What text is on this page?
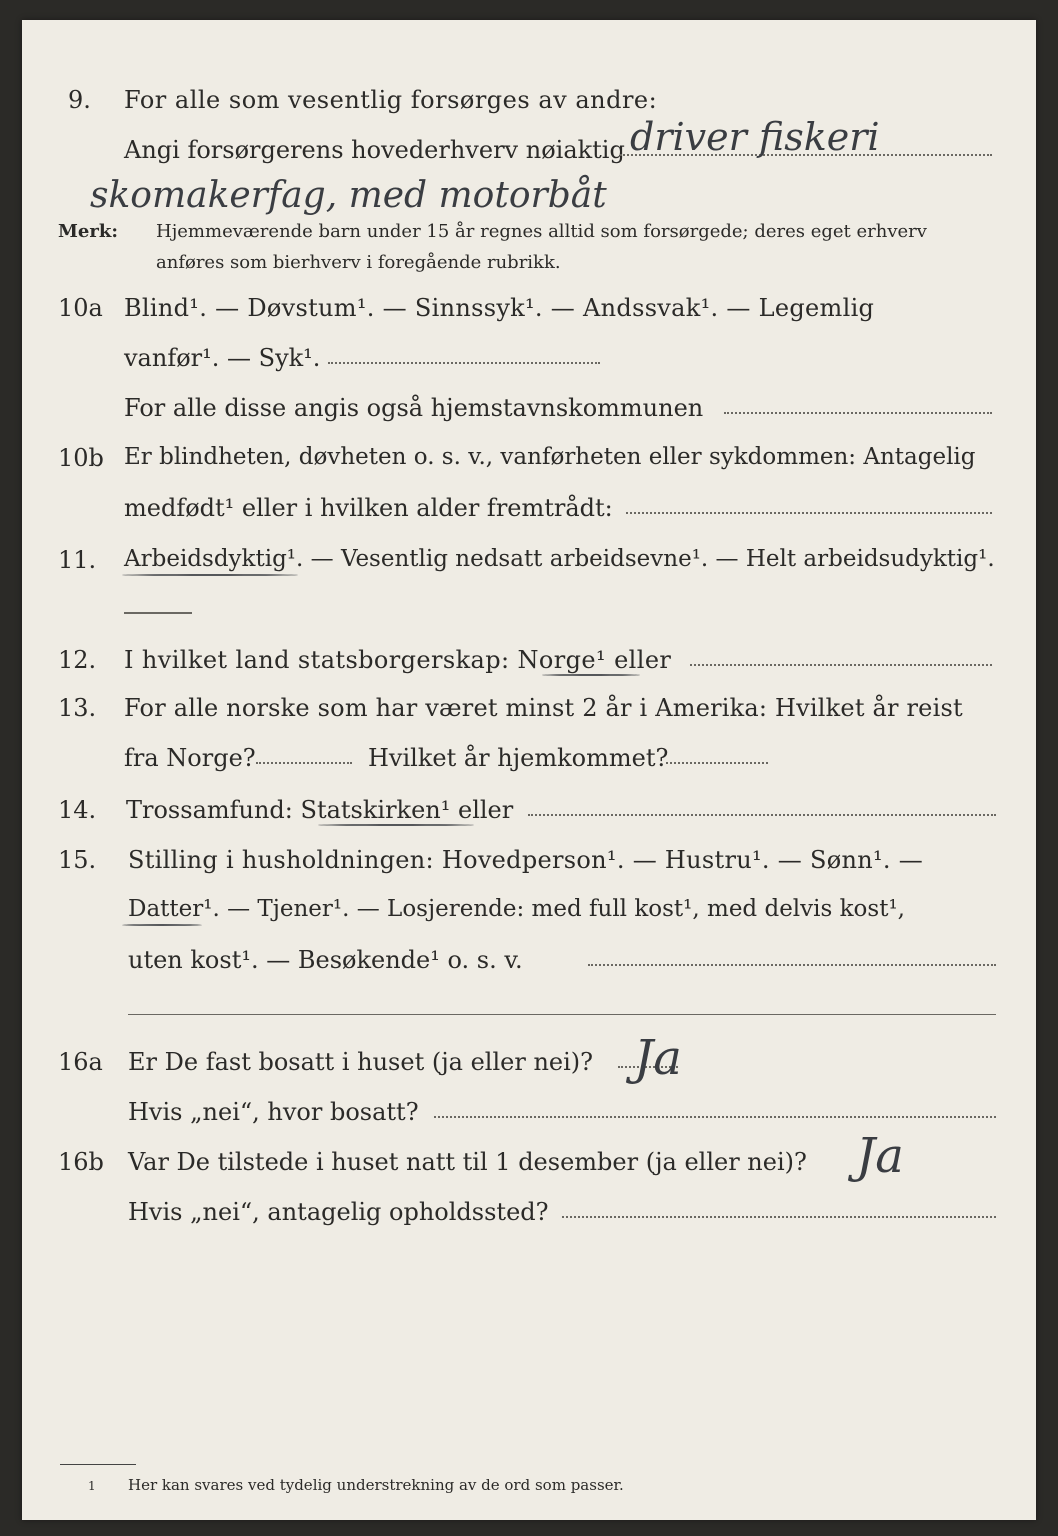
9. For alle som vesentlig forsørges av andre:
Angi forsørgerens hovederhverv nøiaktig driver fiskeri
skomakerfag, med motorbåt
Merk: Hjemmeværende barn under 15 år regnes alltid som forsørgede; deres eget erhverv
anføres som bierhverv i foregående rubrikk.
10a Blind¹. — Døvstum¹. — Sinnssyk¹. — Andssvak¹. — Legemlig
vanfør¹. — Syk¹.
For alle disse angis også hjemstavnskommunen
10b Er blindheten, døvheten o. s. v., vanførheten eller sykdommen: Antagelig
medfødt¹ eller i hvilken alder fremtrådt:
11. Arbeidsdyktig¹. — Vesentlig nedsatt arbeidsevne¹. — Helt arbeidsudyktig¹.
12. I hvilket land statsborgerskap: Norge¹ eller
13. For alle norske som har været minst 2 år i Amerika: Hvilket år reist
fra Norge?	Hvilket år hjemkommet?
14. Trossamfund: Statskirken¹ eller
15. Stilling i husholdningen: Hovedperson¹. — Hustru¹. — Sønn¹. —
Datter¹. — Tjener¹. — Losjerende: med full kost¹, med delvis kost¹,
uten kost¹. — Besøkende¹ o. s. v.
16a Er De fast bosatt i huset (ja eller nei)? Ja
Hvis „nei“, hvor bosatt?
16b Var De tilstede i huset natt til 1 desember (ja eller nei)? Ja
Hvis „nei“, antagelig opholdssted?
1 Her kan svares ved tydelig understrekning av de ord som passer.
